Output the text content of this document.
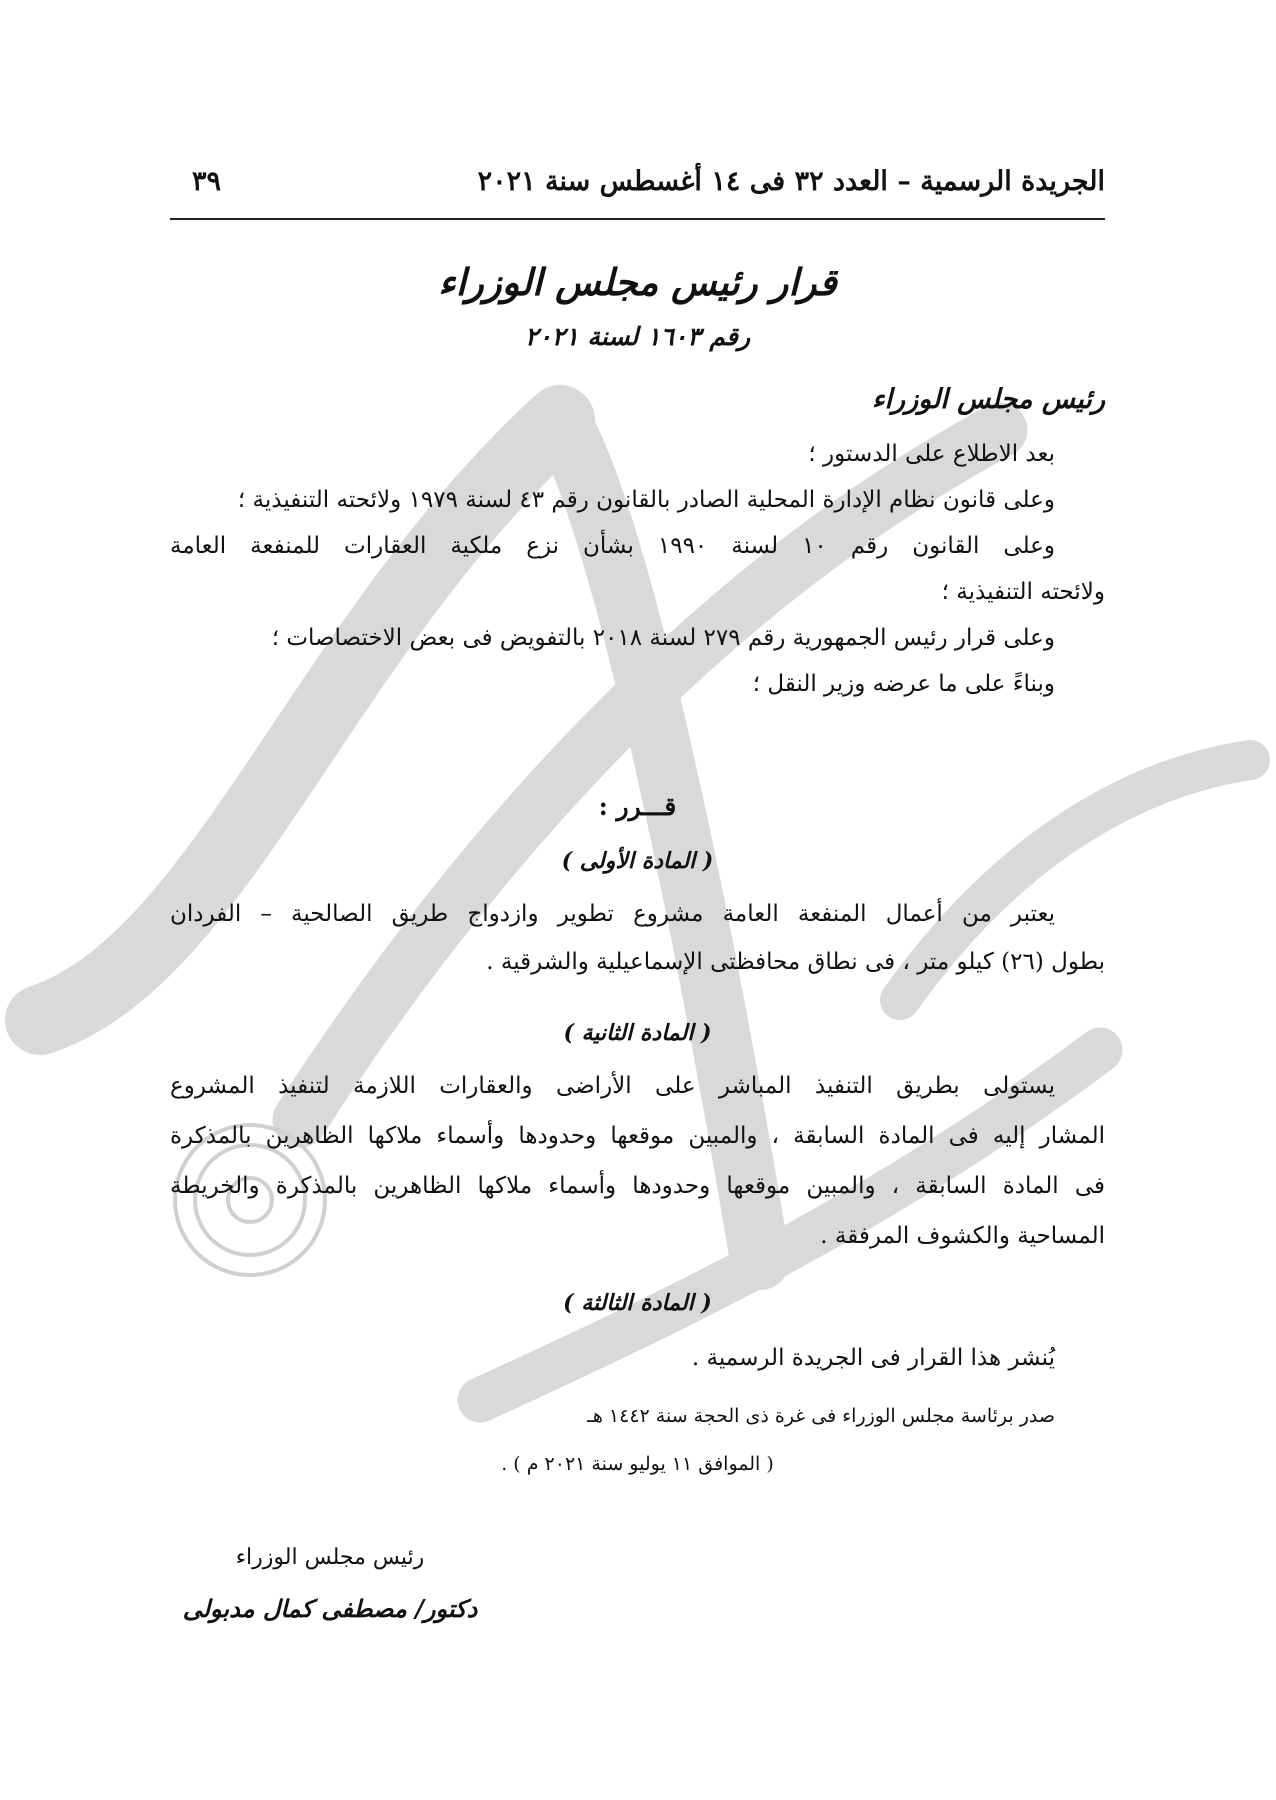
الجريدة الرسمية – العدد ٣٢ فى ١٤ أغسطس سنة ٢٠٢١
٣٩
قرار رئيس مجلس الوزراء
رقم ١٦٠٣ لسنة ٢٠٢١
رئيس مجلس الوزراء
بعد الاطلاع على الدستور ؛
وعلى قانون نظام الإدارة المحلية الصادر بالقانون رقم ٤٣ لسنة ١٩٧٩ ولائحته التنفيذية ؛
وعلى القانون رقم ١٠ لسنة ١٩٩٠ بشأن نزع ملكية العقارات للمنفعة العامة
ولائحته التنفيذية ؛
وعلى قرار رئيس الجمهورية رقم ٢٧٩ لسنة ٢٠١٨ بالتفويض فى بعض الاختصاصات ؛
وبناءً على ما عرضه وزير النقل ؛
قـــرر :
( المادة الأولى )
يعتبر من أعمال المنفعة العامة مشروع تطوير وازدواج طريق الصالحية – الفردان
بطول (٢٦) كيلو متر ، فى نطاق محافظتى الإسماعيلية والشرقية .
( المادة الثانية )
يستولى بطريق التنفيذ المباشر على الأراضى والعقارات اللازمة لتنفيذ المشروع
المشار إليه فى المادة السابقة ، والمبين موقعها وحدودها وأسماء ملاكها الظاهرين بالمذكرة
فى المادة السابقة ، والمبين موقعها وحدودها وأسماء ملاكها الظاهرين بالمذكرة والخريطة
المساحية والكشوف المرفقة .
( المادة الثالثة )
يُنشر هذا القرار فى الجريدة الرسمية .
صدر برئاسة مجلس الوزراء فى غرة ذى الحجة سنة ١٤٤٢ هـ
( الموافق ١١ يوليو سنة ٢٠٢١ م ) .
رئيس مجلس الوزراء
دكتور/ مصطفى كمال مدبولى
